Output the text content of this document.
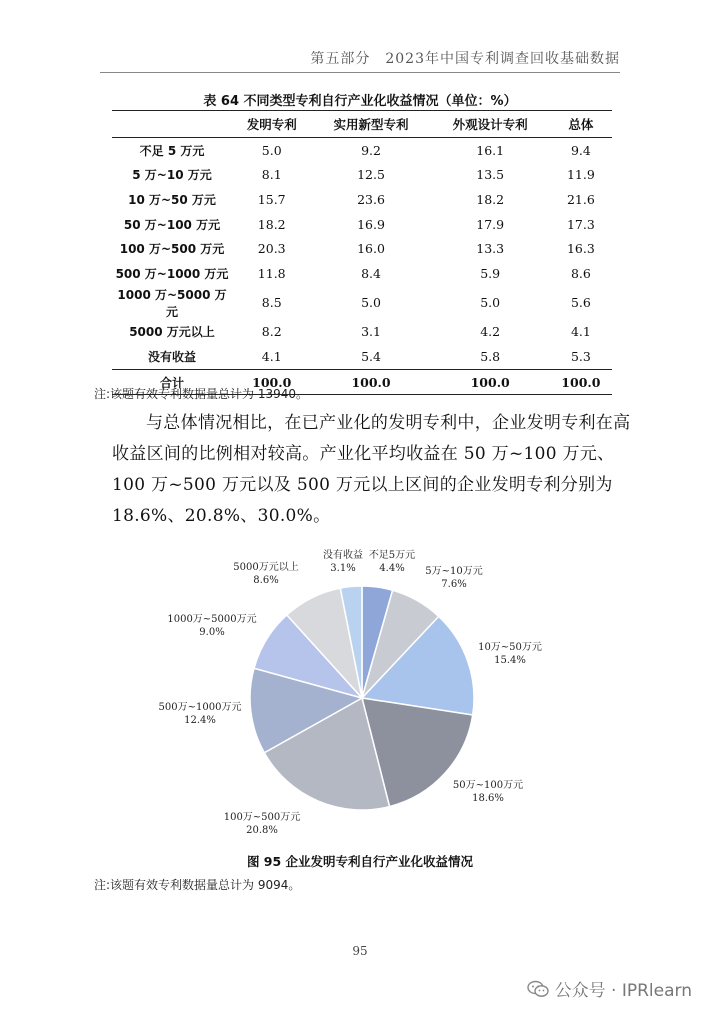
第五部分　2023年中国专利调查回收基础数据
表 64 不同类型专利自行产业化收益情况（单位：%）
	发明专利	实用新型专利	外观设计专利	总体
不足 5 万元	5.0	9.2	16.1	9.4
5 万~10 万元	8.1	12.5	13.5	11.9
10 万~50 万元	15.7	23.6	18.2	21.6
50 万~100 万元	18.2	16.9	17.9	17.3
100 万~500 万元	20.3	16.0	13.3	16.3
500 万~1000 万元	11.8	8.4	5.9	8.6
1000 万~5000 万元	8.5	5.0	5.0	5.6
5000 万元以上	8.2	3.1	4.2	4.1
没有收益	4.1	5.4	5.8	5.3
合计	100.0	100.0	100.0	100.0
注:该题有效专利数据量总计为 13940。

与总体情况相比，在已产业化的发明专利中，企业发明专利在高收益区间的比例相对较高。产业化平均收益在 50 万~100 万元、100 万~500 万元以及 500 万元以上区间的企业发明专利分别为 18.6%、20.8%、30.0%。

不足5万元
4.4% 5万~10万元
7.6%
10万~50万元
15.4%
50万~100万元
18.6%
100万~500万元
20.8%
500万~1000万元
12.4%
1000万~5000万元
9.0%
5000万元以上
8.6%
没有收益
3.1%
图 95 企业发明专利自行产业化收益情况
注:该题有效专利数据量总计为 9094。
95
公众号 · IPRlearn
